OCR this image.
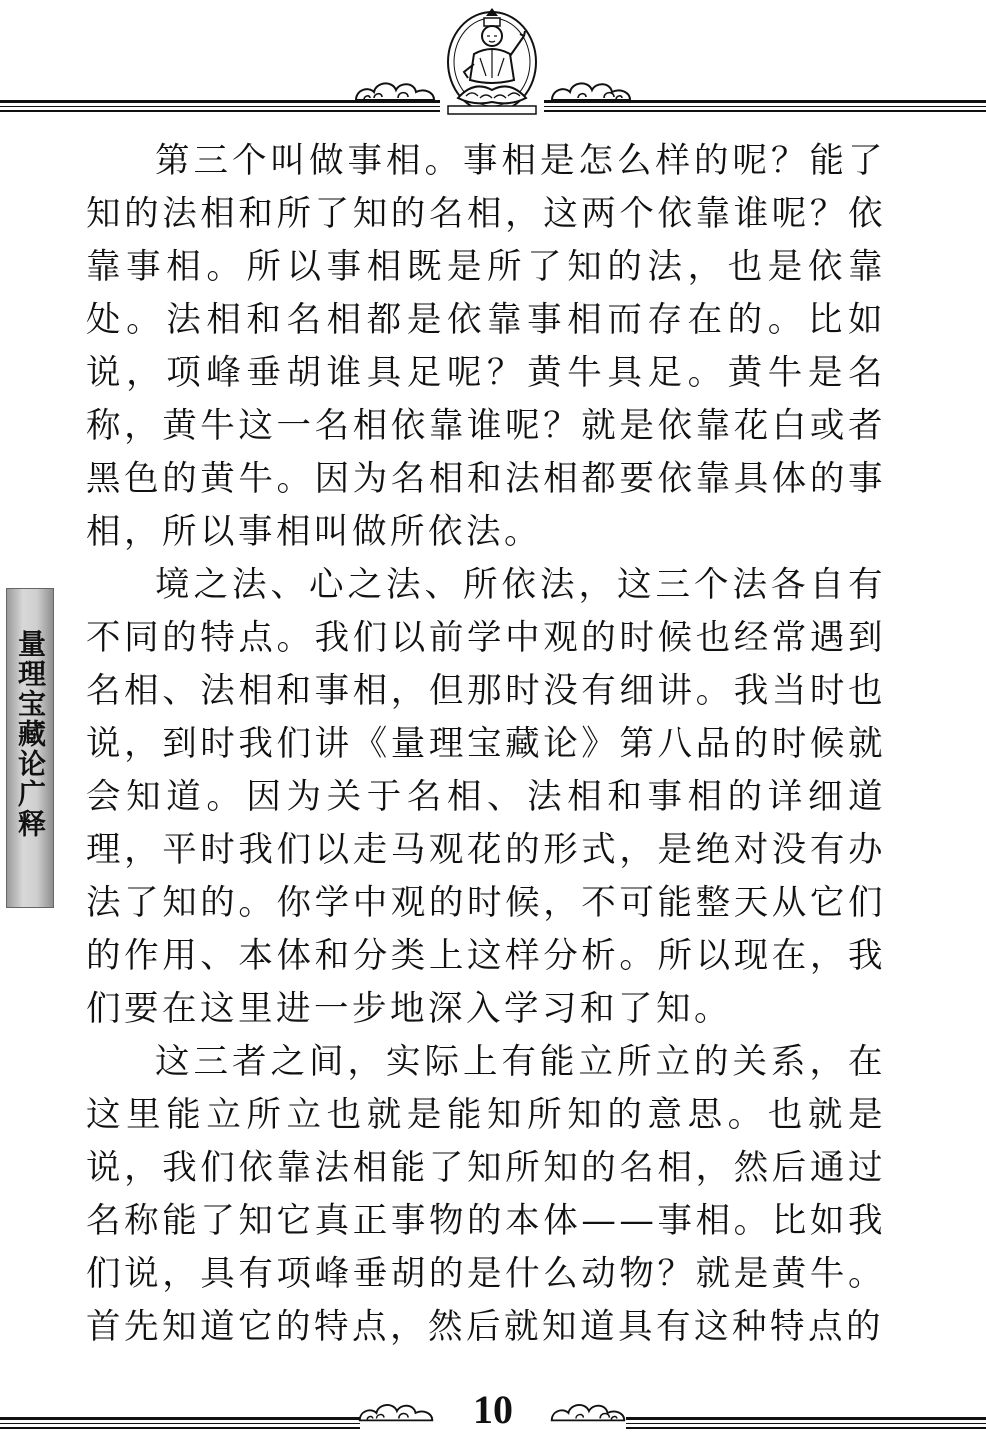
量理宝藏论广释

第三个叫做事相。事相是怎么样的呢？能了知的法相和所了知的名相，这两个依靠谁呢？依靠事相。所以事相既是所了知的法，也是依靠处。法相和名相都是依靠事相而存在的。比如说，项峰垂胡谁具足呢？黄牛具足。黄牛是名称，黄牛这一名相依靠谁呢？就是依靠花白或者黑色的黄牛。因为名相和法相都要依靠具体的事相，所以事相叫做所依法。

境之法、心之法、所依法，这三个法各自有不同的特点。我们以前学中观的时候也经常遇到名相、法相和事相，但那时没有细讲。我当时也说，到时我们讲《量理宝藏论》第八品的时候就会知道。因为关于名相、法相和事相的详细道理，平时我们以走马观花的形式，是绝对没有办法了知的。你学中观的时候，不可能整天从它们的作用、本体和分类上这样分析。所以现在，我们要在这里进一步地深入学习和了知。

这三者之间，实际上有能立所立的关系，在这里能立所立也就是能知所知的意思。也就是说，我们依靠法相能了知所知的名相，然后通过名称能了知它真正事物的本体——事相。比如我们说，具有项峰垂胡的是什么动物？就是黄牛。首先知道它的特点，然后就知道具有这种特点的

10
